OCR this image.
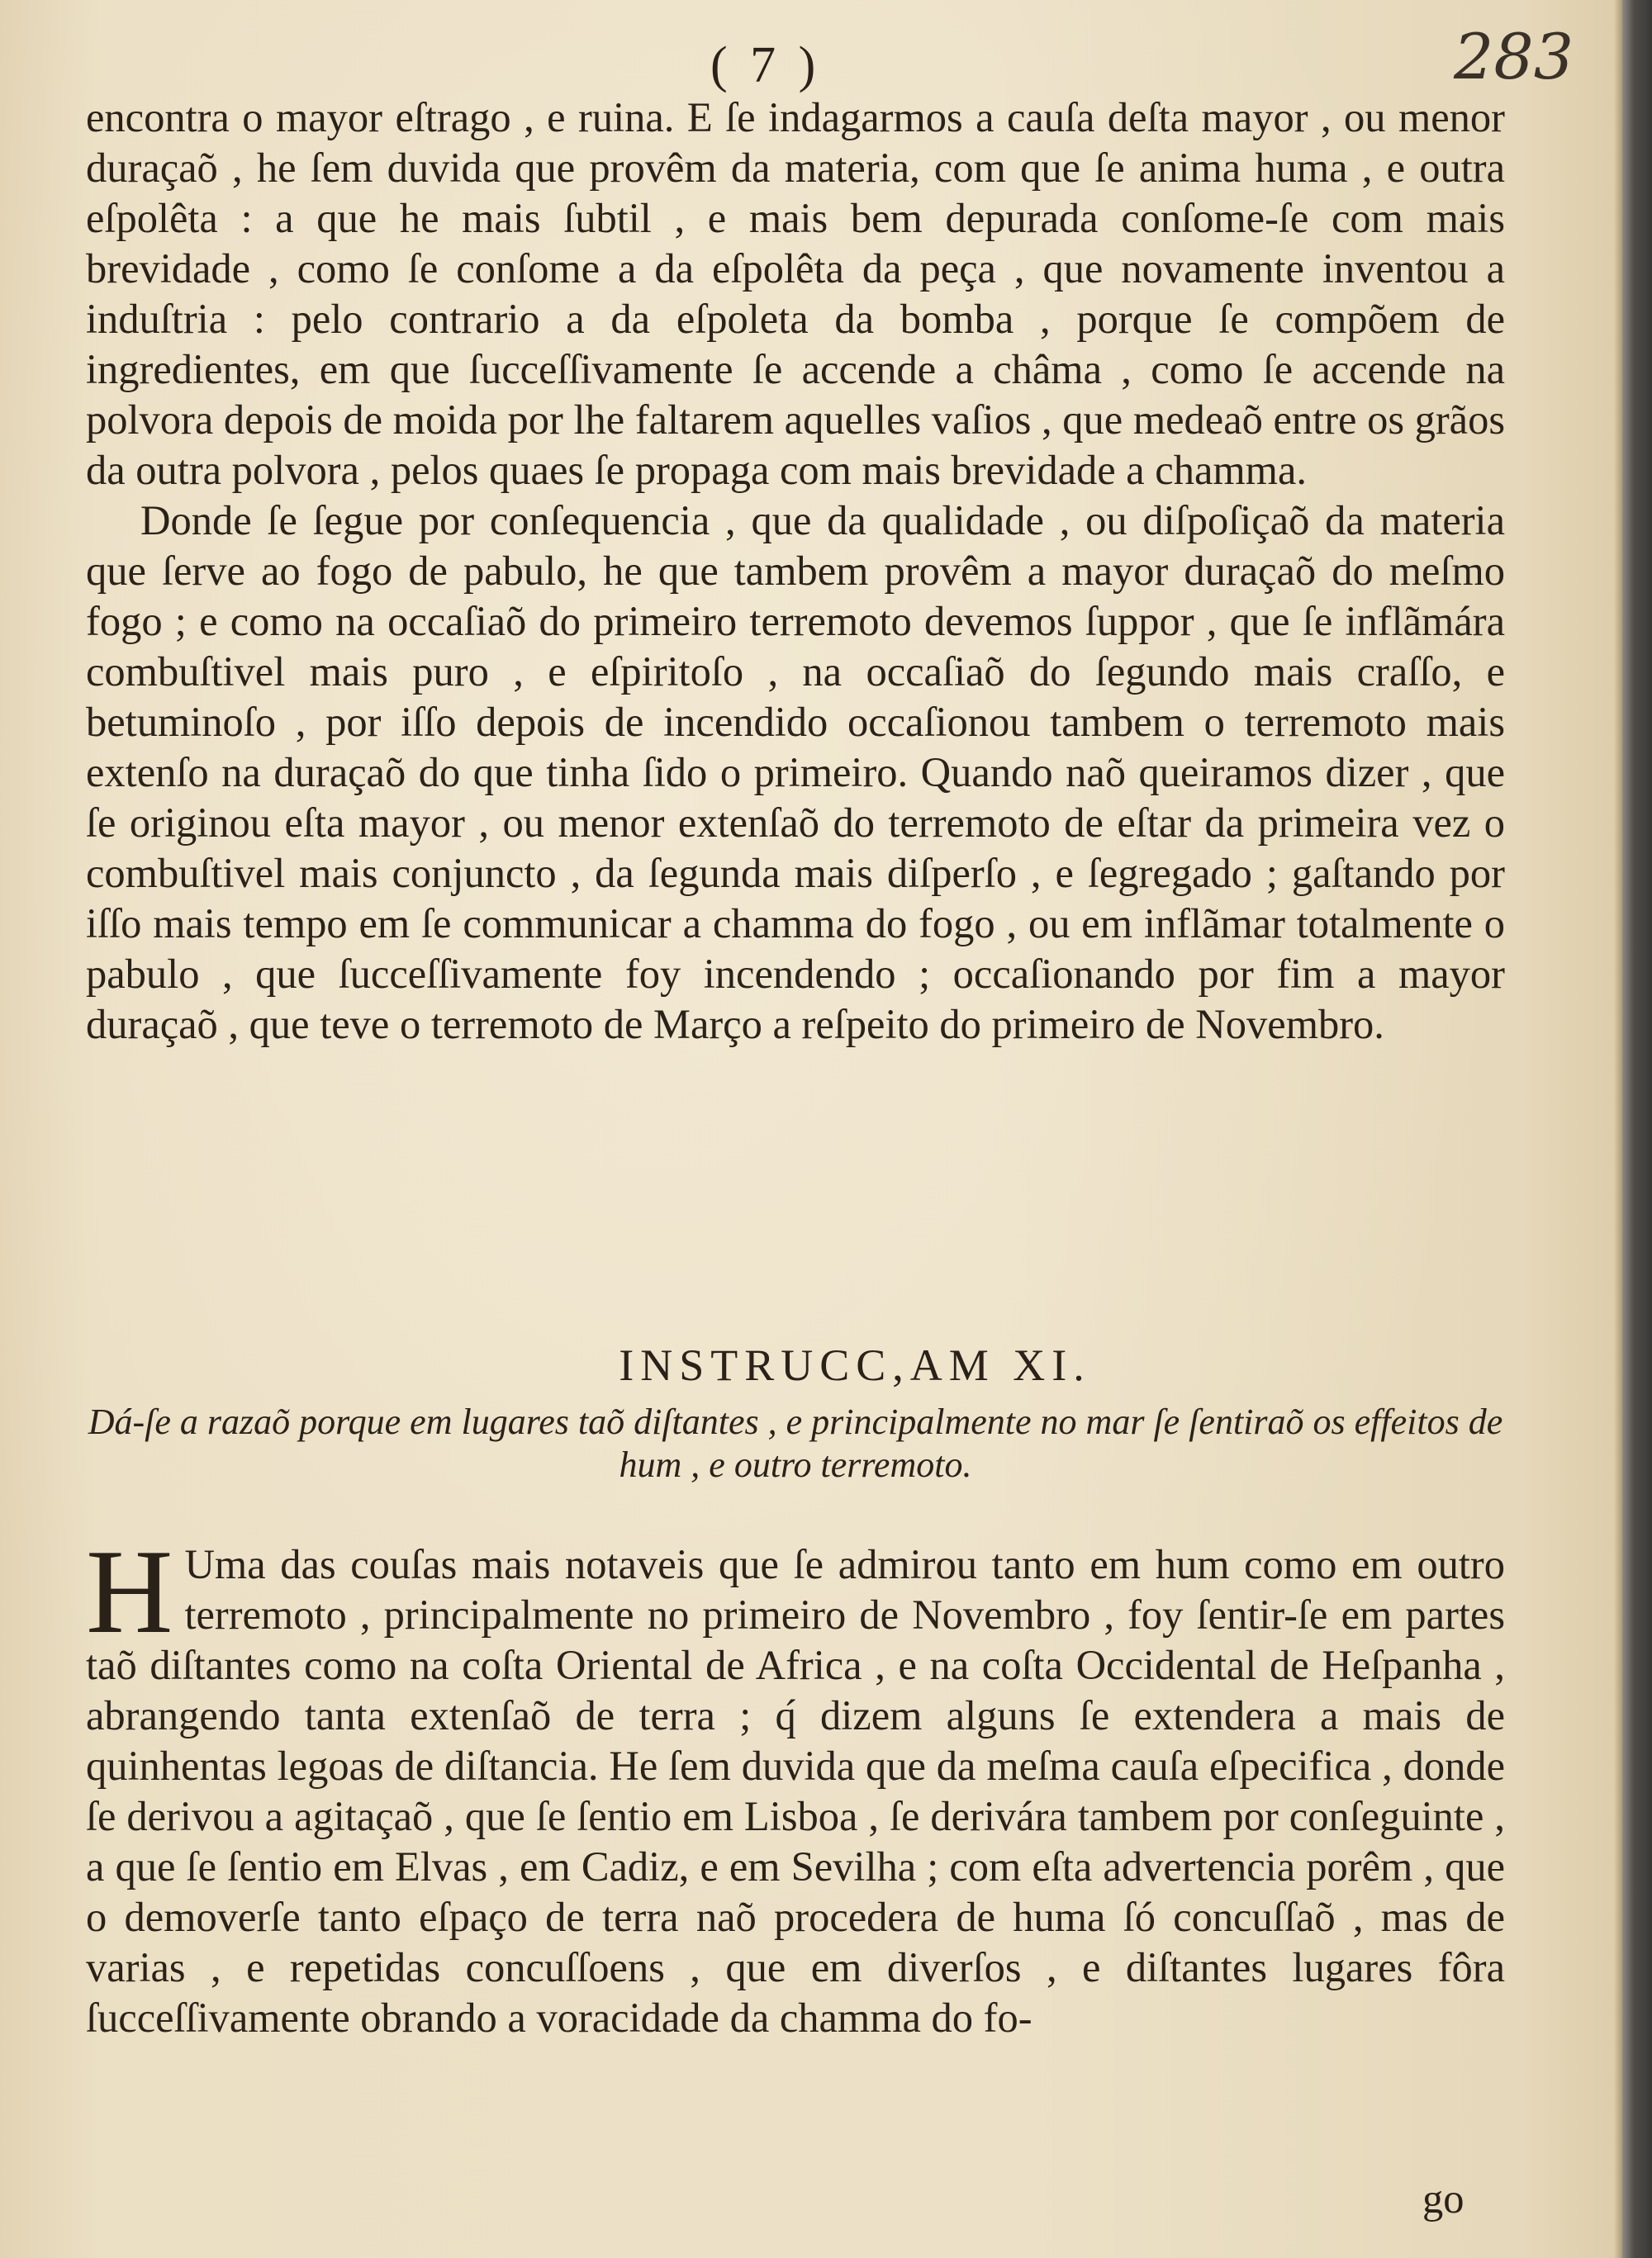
( 7 )	283

encontra o mayor eſtrago , e ruina. E ſe indagarmos a cauſa deſta mayor , ou menor duraçaõ , he ſem duvida que provêm da materia, com que ſe anima huma , e outra eſpolêta : a que he mais ſubtil , e mais bem depurada conſome-ſe com mais brevidade , como ſe conſome a da eſpolêta da peça , que novamente inventou a induſtria : pelo contrario a da eſpoleta da bomba , porque ſe compõem de ingredientes, em que ſucceſſivamente ſe accende a châma , como ſe accende na polvora depois de moida por lhe faltarem aquelles vaſios , que medeaõ entre os grãos da outra polvora , pelos quaes ſe propaga com mais brevidade a chamma.

Donde ſe ſegue por conſequencia , que da qualidade , ou diſpoſiçaõ da materia que ſerve ao fogo de pabulo, he que tambem provêm a mayor duraçaõ do meſmo fogo ; e como na occaſiaõ do primeiro terremoto devemos ſuppor , que ſe inflãmára combuſtivel mais puro , e eſpiritoſo , na occaſiaõ do ſegundo mais craſſo, e betuminoſo , por iſſo depois de incendido occaſionou tambem o terremoto mais extenſo na duraçaõ do que tinha ſido o primeiro. Quando naõ queiramos dizer , que ſe originou eſta mayor , ou menor extenſaõ do terremoto de eſtar da primeira vez o combuſtivel mais conjuncto , da ſegunda mais diſperſo , e ſegregado ; gaſtando por iſſo mais tempo em ſe communicar a chamma do fogo , ou em inflãmar totalmente o pabulo , que ſucceſſivamente foy incendendo ; occaſionando por fim a mayor duraçaõ , que teve o terremoto de Março a reſpeito do primeiro de Novembro.

INSTRUCC,AM XI.
Dá-ſe a razaõ porque em lugares taõ diſtantes , e principalmente no mar ſe ſentiraõ os effeitos de hum , e outro terremoto.
H Uma das couſas mais notaveis que ſe admirou tanto em hum como em outro terremoto , principalmente no primeiro de Novembro , foy ſentir-ſe em partes taõ diſtantes como na coſta Oriental de Africa , e na coſta Occidental de Heſpanha , abrangendo tanta extenſaõ de terra ; q́ dizem alguns ſe extendera a mais de quinhentas legoas de diſtancia. He ſem duvida que da meſma cauſa eſpecifica , donde ſe derivou a agitaçaõ , que ſe ſentio em Lisboa , ſe derivára tambem por conſeguinte , a que ſe ſentio em Elvas , em Cadiz, e em Sevilha ; com eſta advertencia porêm , que o demoverſe tanto eſpaço de terra naõ procedera de huma ſó concuſſaõ , mas de varias , e repetidas concuſſoens , que em diverſos , e diſtantes lugares fôra ſucceſſivamente obrando a voracidade da chamma do fo-
go
